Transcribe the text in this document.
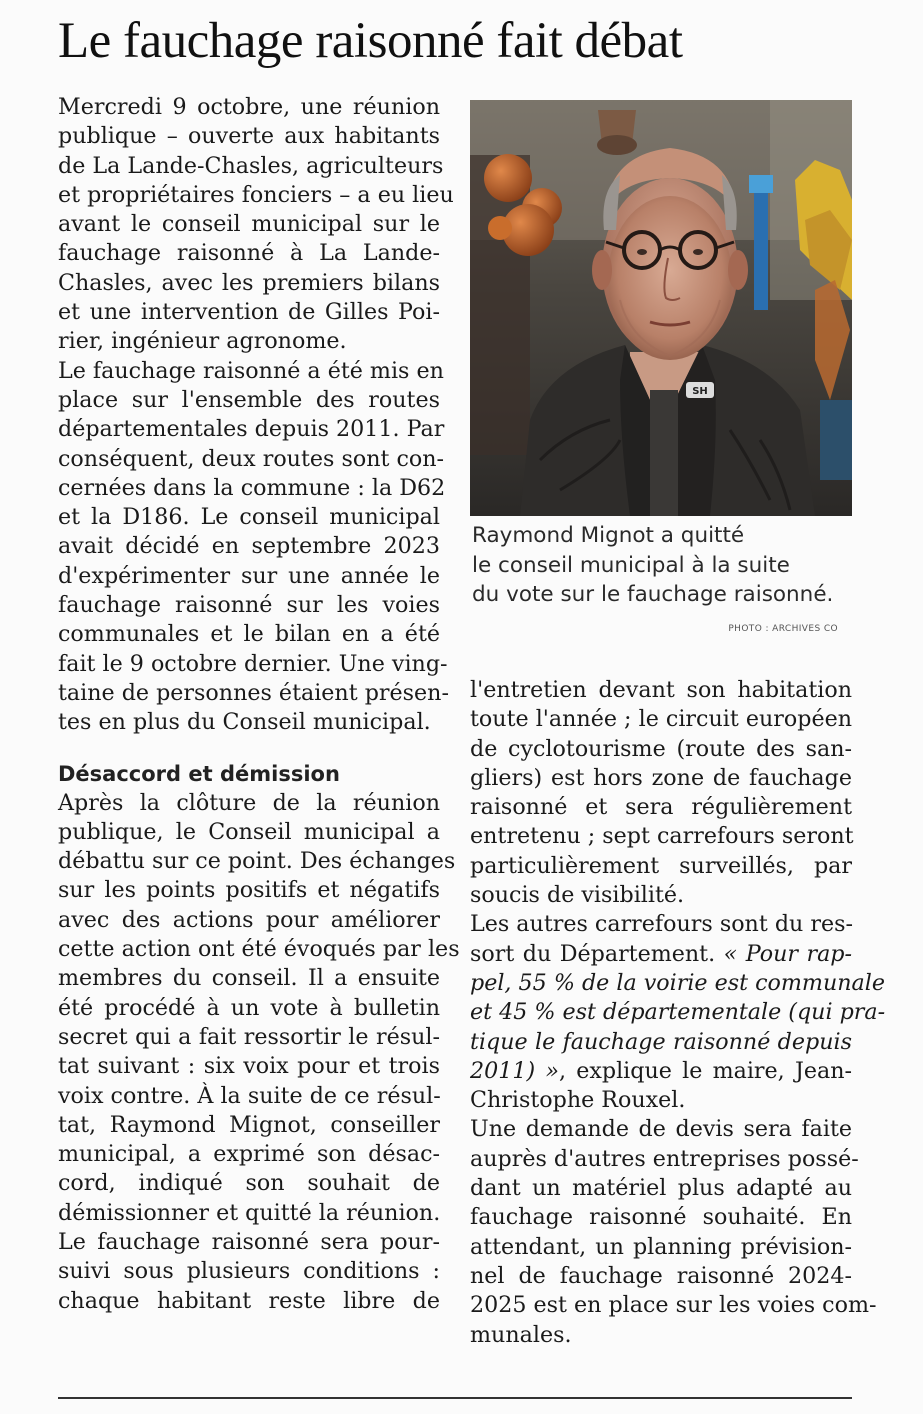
Le fauchage raisonné fait débat

Mercredi 9 octobre, une réunion
publique – ouverte aux habitants
de La Lande-Chasles, agriculteurs
et propriétaires fonciers – a eu lieu
avant le conseil municipal sur le
fauchage raisonné à La Lande-
Chasles, avec les premiers bilans
et une intervention de Gilles Poi-
rier, ingénieur agronome.

Le fauchage raisonné a été mis en
place sur l'ensemble des routes
départementales depuis 2011. Par
conséquent, deux routes sont con-
cernées dans la commune : la D62
et la D186. Le conseil municipal
avait décidé en septembre 2023
d'expérimenter sur une année le
fauchage raisonné sur les voies
communales et le bilan en a été
fait le 9 octobre dernier. Une ving-
taine de personnes étaient présen-
tes en plus du Conseil municipal.

Désaccord et démission

Après la clôture de la réunion
publique, le Conseil municipal a
débattu sur ce point. Des échanges
sur les points positifs et négatifs
avec des actions pour améliorer
cette action ont été évoqués par les
membres du conseil. Il a ensuite
été procédé à un vote à bulletin
secret qui a fait ressortir le résul-
tat suivant : six voix pour et trois
voix contre. À la suite de ce résul-
tat, Raymond Mignot, conseiller
municipal, a exprimé son désac-
cord, indiqué son souhait de
démissionner et quitté la réunion.

Le fauchage raisonné sera pour-
suivi sous plusieurs conditions :
chaque habitant reste libre de

SH
Raymond Mignot a quitté
le conseil municipal à la suite
du vote sur le fauchage raisonné.
PHOTO : ARCHIVES CO

l'entretien devant son habitation
toute l'année ; le circuit européen
de cyclotourisme (route des san-
gliers) est hors zone de fauchage
raisonné et sera régulièrement
entretenu ; sept carrefours seront
particulièrement surveillés, par
soucis de visibilité.

Les autres carrefours sont du res-
sort du Département. « Pour rap-
pel, 55 % de la voirie est communale
et 45 % est départementale (qui pra-
tique le fauchage raisonné depuis
2011) », explique le maire, Jean-
Christophe Rouxel.

Une demande de devis sera faite
auprès d'autres entreprises possé-
dant un matériel plus adapté au
fauchage raisonné souhaité. En
attendant, un planning prévision-
nel de fauchage raisonné 2024-
2025 est en place sur les voies com-
munales.
